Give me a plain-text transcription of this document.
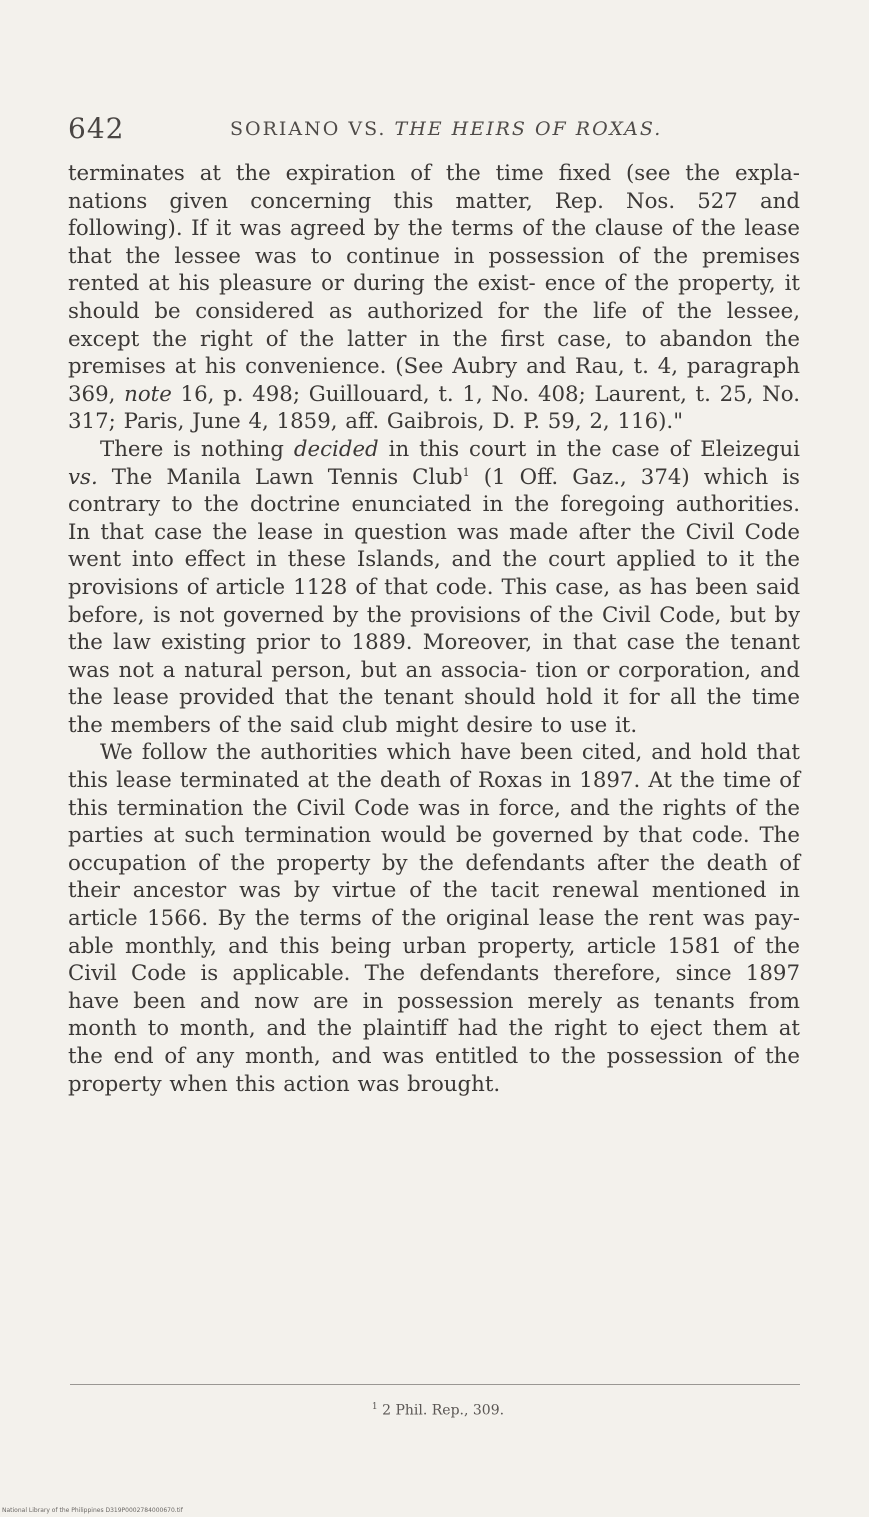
642	SORIANO VS. THE HEIRS OF ROXAS.

terminates at the expiration of the time fixed (see the expla- nations given concerning this matter, Rep. Nos. 527 and following). If it was agreed by the terms of the clause of the lease that the lessee was to continue in possession of the premises rented at his pleasure or during the exist- ence of the property, it should be considered as authorized for the life of the lessee, except the right of the latter in the first case, to abandon the premises at his convenience. (See Aubry and Rau, t. 4, paragraph 369, note 16, p. 498; Guillouard, t. 1, No. 408; Laurent, t. 25, No. 317; Paris, June 4, 1859, aff. Gaibrois, D. P. 59, 2, 116)."

There is nothing decided in this court in the case of Eleizegui vs. The Manila Lawn Tennis Club$^1$ (1 Off. Gaz., 374) which is contrary to the doctrine enunciated in the foregoing authorities. In that case the lease in question was made after the Civil Code went into effect in these Islands, and the court applied to it the provisions of article 1128 of that code. This case, as has been said before, is not governed by the provisions of the Civil Code, but by the law existing prior to 1889. Moreover, in that case the tenant was not a natural person, but an associa- tion or corporation, and the lease provided that the tenant should hold it for all the time the members of the said club might desire to use it.

We follow the authorities which have been cited, and hold that this lease terminated at the death of Roxas in 1897. At the time of this termination the Civil Code was in force, and the rights of the parties at such termination would be governed by that code. The occupation of the property by the defendants after the death of their ancestor was by virtue of the tacit renewal mentioned in article 1566. By the terms of the original lease the rent was pay- able monthly, and this being urban property, article 1581 of the Civil Code is applicable. The defendants therefore, since 1897 have been and now are in possession merely as tenants from month to month, and the plaintiff had the right to eject them at the end of any month, and was entitled to the possession of the property when this action was brought.

$^1$ 2 Phil. Rep., 309.
National Library of the Philippines D319P0002784000670.tif
